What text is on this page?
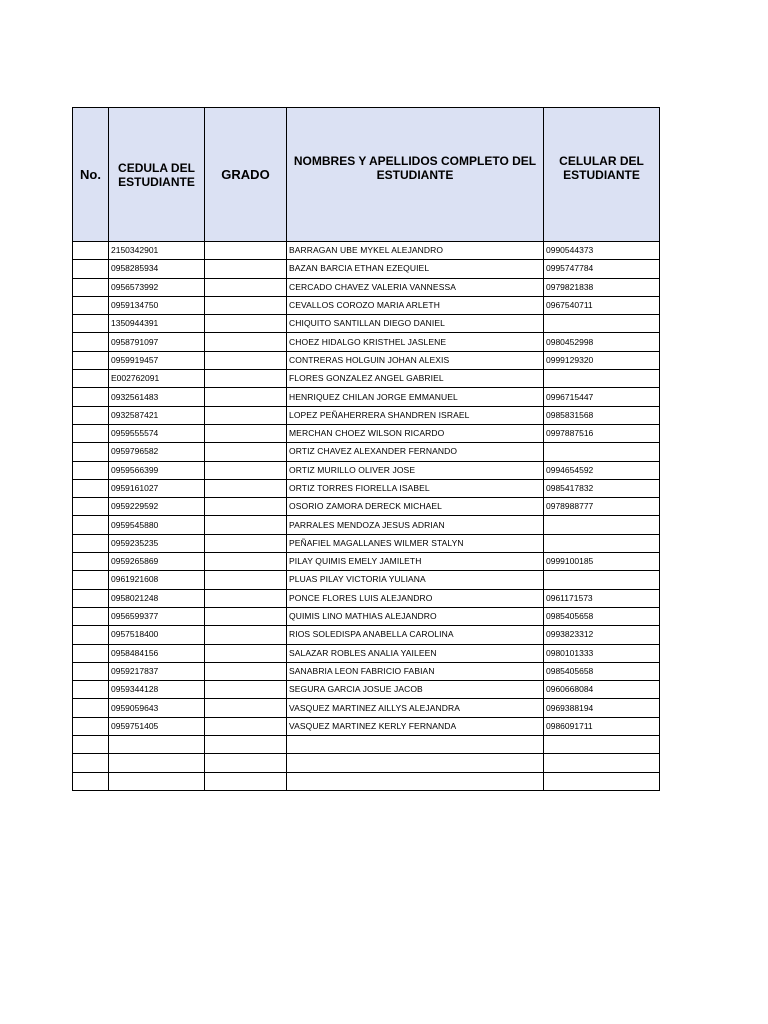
No.	CEDULA DEL ESTUDIANTE	GRADO	NOMBRES Y APELLIDOS COMPLETO DEL ESTUDIANTE	CELULAR DEL ESTUDIANTE
	2150342901		BARRAGAN UBE MYKEL ALEJANDRO	0990544373
	0958285934		BAZAN BARCIA ETHAN EZEQUIEL	0995747784
	0956573992		CERCADO CHAVEZ VALERIA VANNESSA	0979821838
	0959134750		CEVALLOS COROZO MARIA ARLETH	0967540711
	1350944391		CHIQUITO SANTILLAN DIEGO DANIEL	
	0958791097		CHOEZ HIDALGO KRISTHEL JASLENE	0980452998
	0959919457		CONTRERAS HOLGUIN JOHAN ALEXIS	0999129320
	E002762091		FLORES GONZALEZ ANGEL GABRIEL	
	0932561483		HENRIQUEZ CHILAN JORGE EMMANUEL	0996715447
	0932587421		LOPEZ PEÑAHERRERA SHANDREN ISRAEL	0985831568
	0959555574		MERCHAN CHOEZ WILSON RICARDO	0997887516
	0959796582		ORTIZ CHAVEZ ALEXANDER FERNANDO	
	0959566399		ORTIZ MURILLO OLIVER JOSE	0994654592
	0959161027		ORTIZ TORRES FIORELLA ISABEL	0985417832
	0959229592		OSORIO ZAMORA DERECK MICHAEL	0978988777
	0959545880		PARRALES MENDOZA JESUS ADRIAN	
	0959235235		PEÑAFIEL MAGALLANES WILMER STALYN	
	0959265869		PILAY QUIMIS EMELY JAMILETH	0999100185
	0961921608		PLUAS PILAY VICTORIA YULIANA	
	0958021248		PONCE FLORES LUIS ALEJANDRO	0961171573
	0956599377		QUIMIS LINO MATHIAS ALEJANDRO	0985405658
	0957518400		RIOS SOLEDISPA ANABELLA CAROLINA	0993823312
	0958484156		SALAZAR ROBLES ANALIA YAILEEN	0980101333
	0959217837		SANABRIA LEON FABRICIO FABIAN	0985405658
	0959344128		SEGURA GARCIA JOSUE JACOB	0960668084
	0959059643		VASQUEZ MARTINEZ AILLYS ALEJANDRA	0969388194
	0959751405		VASQUEZ MARTINEZ KERLY FERNANDA	0986091711
